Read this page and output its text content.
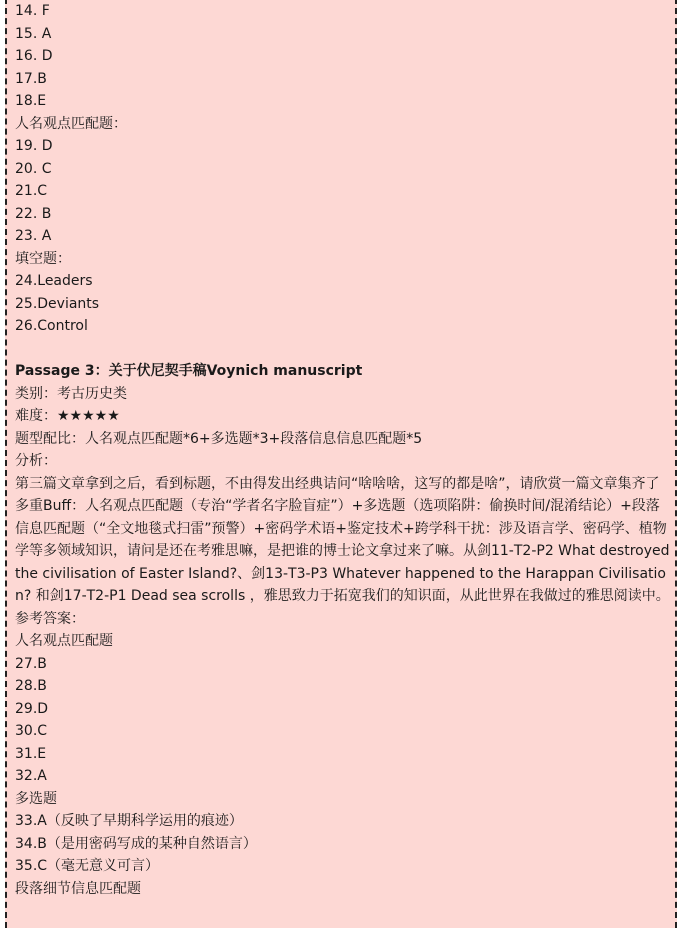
14. F
15. A
16. D
17.B
18.E
人名观点匹配题：
19. D
20. C
21.C
22. B
23. A
填空题：
24.Leaders
25.Deviants
26.Control
Passage 3：关于伏尼契手稿Voynich manuscript
类别：考古历史类
难度：★★★★★
题型配比：人名观点匹配题*6+多选题*3+段落信息信息匹配题*5
分析：
第三篇文章拿到之后，看到标题，不由得发出经典诘问“啥啥啥，这写的都是啥”，请欣赏一篇文章集齐了多重Buff：人名观点匹配题（专治“学者名字脸盲症”）+多选题（选项陷阱：偷换时间/混淆结论）+段落信息匹配题（“全文地毯式扫雷”预警）+密码学术语+鉴定技术+跨学科干扰：涉及语言学、密码学、植物学等多领域知识，请问是还在考雅思嘛，是把谁的博士论文拿过来了嘛。从剑11-T2-P2 What destroyed the civilisation of Easter Island?、剑13-T3-P3 Whatever happened to the Harappan Civilisation? 和剑17-T2-P1 Dead sea scrolls ，雅思致力于拓宽我们的知识面，从此世界在我做过的雅思阅读中。
参考答案：
人名观点匹配题
27.B
28.B
29.D
30.C
31.E
32.A
多选题
33.A（反映了早期科学运用的痕迹）
34.B（是用密码写成的某种自然语言）
35.C（毫无意义可言）
段落细节信息匹配题
